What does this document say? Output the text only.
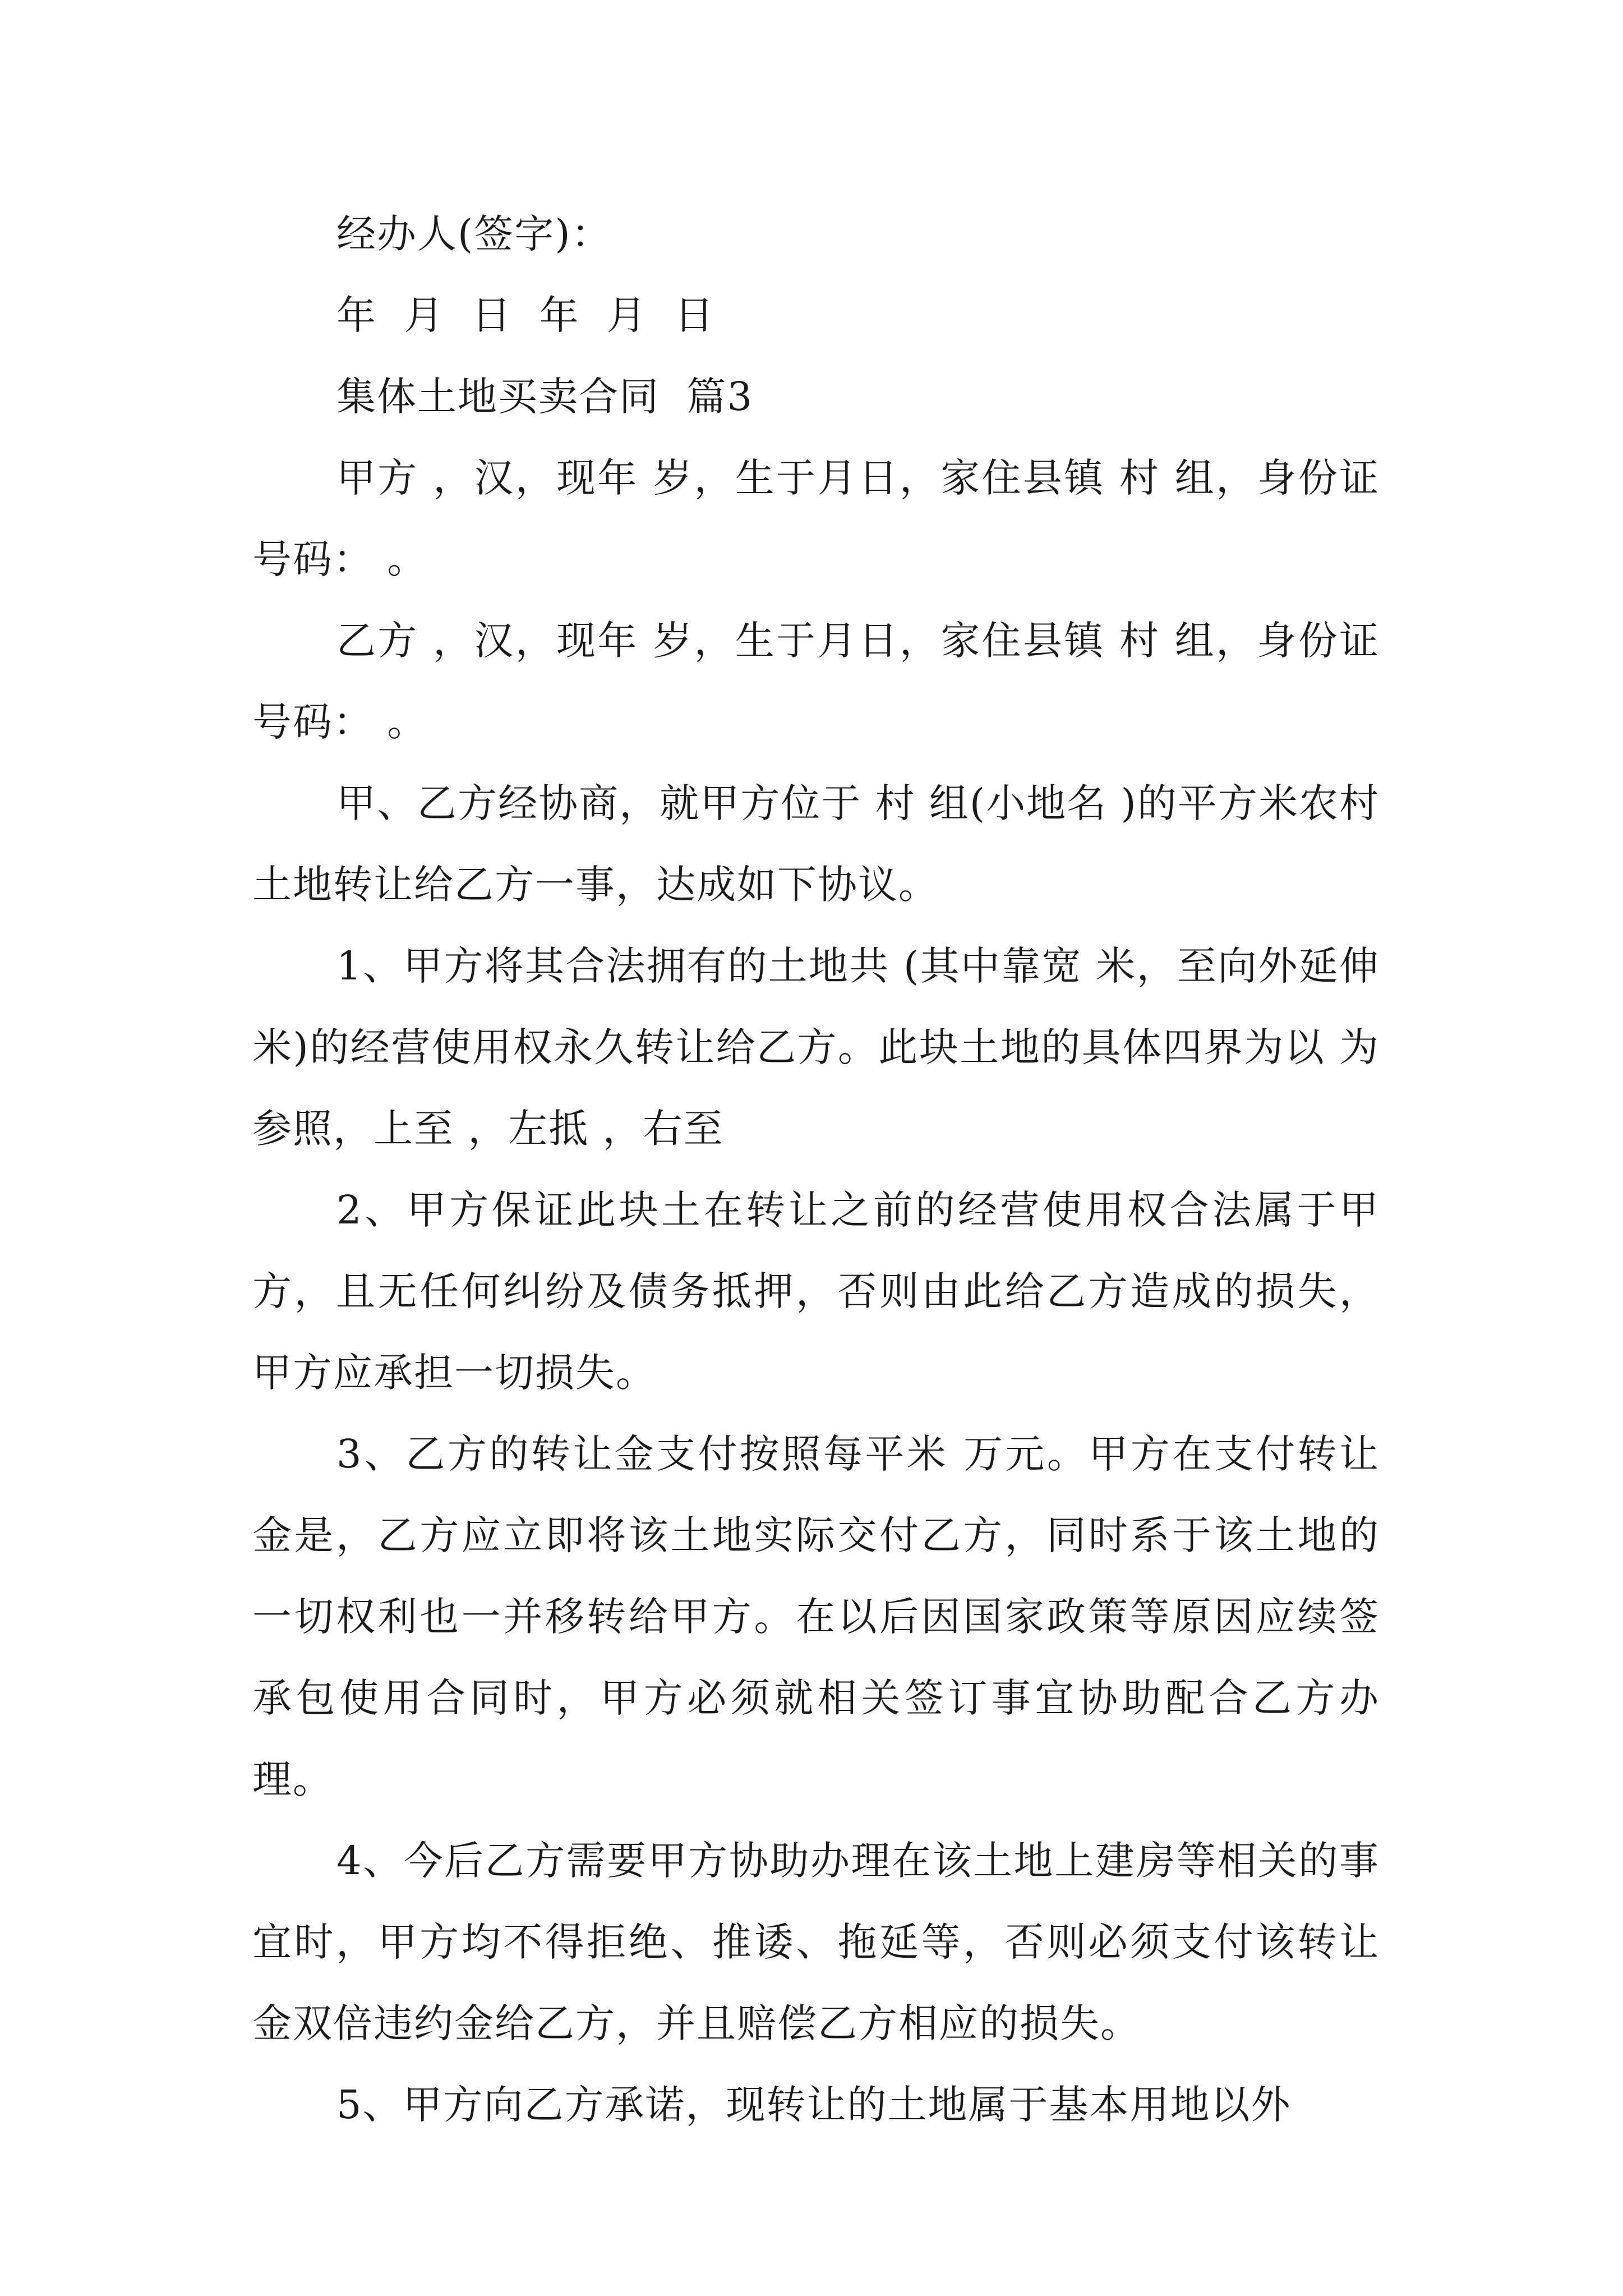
经办人(签字)：
年  月  日  年  月  日
集体土地买卖合同  篇3

甲方 ，汉，现年 岁，生于月日，家住县镇 村 组，身份证号码： 。

乙方 ，汉，现年 岁，生于月日，家住县镇 村 组，身份证号码： 。

甲、乙方经协商，就甲方位于 村 组(小地名 )的平方米农村土地转让给乙方一事，达成如下协议。

1、甲方将其合法拥有的土地共 (其中靠宽 米，至向外延伸米)的经营使用权永久转让给乙方。此块土地的具体四界为以 为参照，上至 ，左抵 ，右至

2、甲方保证此块土在转让之前的经营使用权合法属于甲方，且无任何纠纷及债务抵押，否则由此给乙方造成的损失，甲方应承担一切损失。

3、乙方的转让金支付按照每平米 万元。甲方在支付转让金是，乙方应立即将该土地实际交付乙方，同时系于该土地的一切权利也一并移转给甲方。在以后因国家政策等原因应续签承包使用合同时，甲方必须就相关签订事宜协助配合乙方办理。

4、今后乙方需要甲方协助办理在该土地上建房等相关的事宜时，甲方均不得拒绝、推诿、拖延等，否则必须支付该转让金双倍违约金给乙方，并且赔偿乙方相应的损失。

5、甲方向乙方承诺，现转让的土地属于基本用地以外
